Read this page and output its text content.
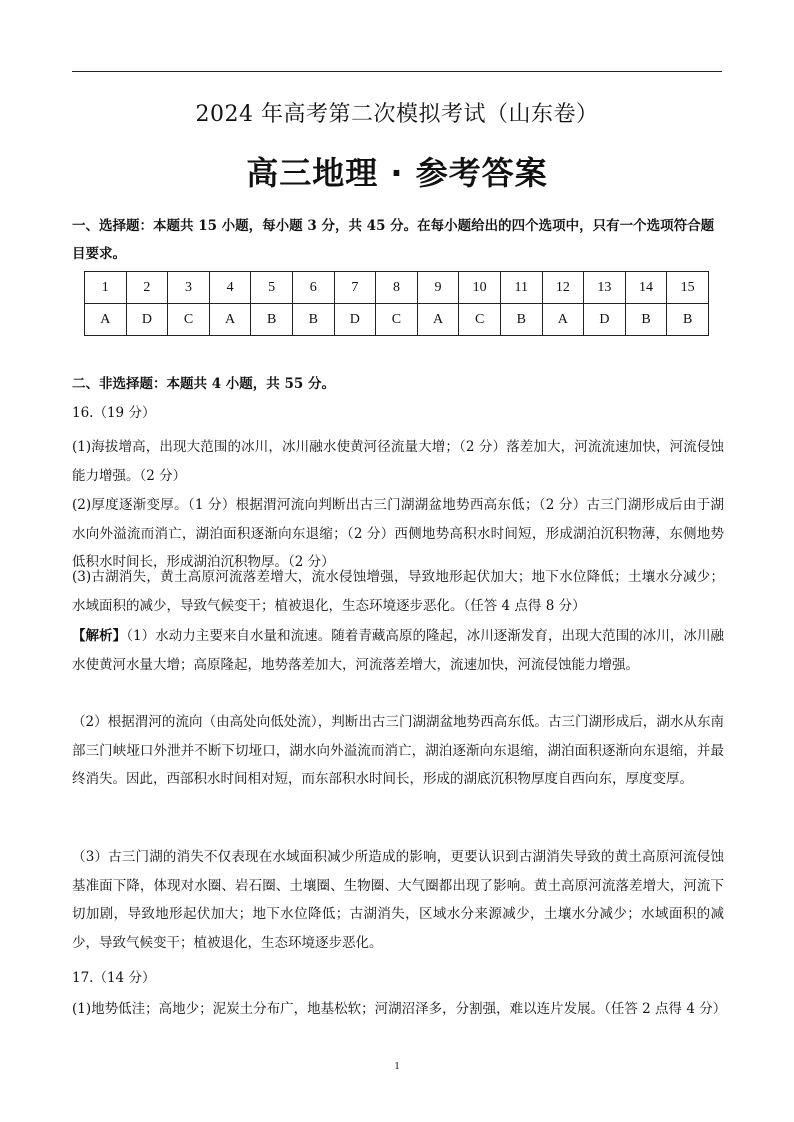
2024 年高考第二次模拟考试（山东卷）
高三地理 · 参考答案
一、选择题：本题共 15 小题，每小题 3 分，共 45 分。在每小题给出的四个选项中，只有一个选项符合题
目要求。
1	2	3	4	5	6	7	8	9	10	11	12	13	14	15
A	D	C	A	B	B	D	C	A	C	B	A	D	B	B
二、非选择题：本题共 4 小题，共 55 分。
16.（19 分）
(1)海拔增高，出现大范围的冰川，冰川融水使黄河径流量大增；（2 分）落差加大，河流流速加快，河流侵蚀能力增强。（2 分）
(2)厚度逐渐变厚。（1 分）根据渭河流向判断出古三门湖湖盆地势西高东低；（2 分）古三门湖形成后由于湖水向外溢流而消亡，湖泊面积逐渐向东退缩；（2 分）西侧地势高积水时间短，形成湖泊沉积物薄，东侧地势低积水时间长，形成湖泊沉积物厚。（2 分）
(3)古湖消失，黄土高原河流落差增大，流水侵蚀增强，导致地形起伏加大；地下水位降低；土壤水分减少；水域面积的减少，导致气候变干；植被退化，生态环境逐步恶化。（任答 4 点得 8 分）
【解析】（1）水动力主要来自水量和流速。随着青藏高原的隆起，冰川逐渐发育，出现大范围的冰川，冰川融水使黄河水量大增；高原隆起，地势落差加大，河流落差增大，流速加快，河流侵蚀能力增强。
（2）根据渭河的流向（由高处向低处流），判断出古三门湖湖盆地势西高东低。古三门湖形成后，湖水从东南部三门峡垭口外泄并不断下切垭口，湖水向外溢流而消亡，湖泊逐渐向东退缩，湖泊面积逐渐向东退缩，并最终消失。因此，西部积水时间相对短，而东部积水时间长，形成的湖底沉积物厚度自西向东，厚度变厚。
（3）古三门湖的消失不仅表现在水域面积减少所造成的影响，更要认识到古湖消失导致的黄土高原河流侵蚀基准面下降，体现对水圈、岩石圈、土壤圈、生物圈、大气圈都出现了影响。黄土高原河流落差增大，河流下切加剧，导致地形起伏加大；地下水位降低；古湖消失，区域水分来源减少，土壤水分减少；水域面积的减少，导致气候变干；植被退化，生态环境逐步恶化。
17.（14 分）
(1)地势低洼；高地少；泥炭土分布广，地基松软；河湖沼泽多，分割强，难以连片发展。（任答 2 点得 4 分）
1
